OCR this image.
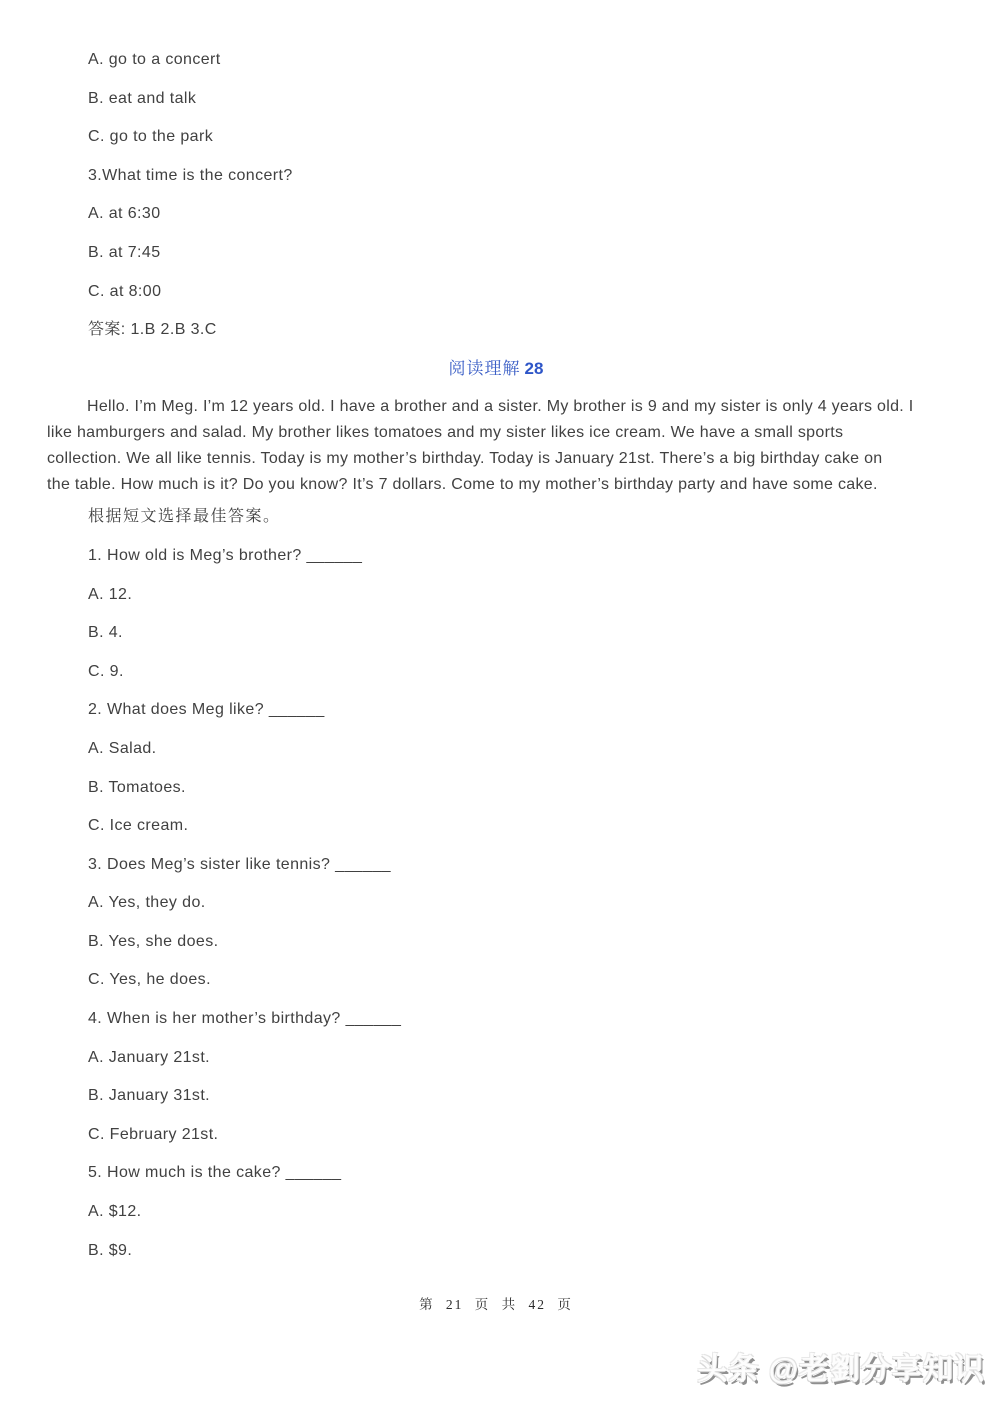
A. go to a concert

B. eat and talk

C. go to the park

3.What time is the concert?

A. at 6:30

B. at 7:45

C. at 8:00

答案: 1.B 2.B 3.C

阅读理解 28

Hello. I’m Meg. I’m 12 years old. I have a brother and a sister. My brother is 9 and my sister is only 4 years old. I

like hamburgers and salad. My brother likes tomatoes and my sister likes ice cream. We have a small sports

collection. We all like tennis. Today is my mother’s birthday. Today is January 21st. There’s a big birthday cake on

the table. How much is it? Do you know? It’s 7 dollars. Come to my mother’s birthday party and have some cake.

根据短文选择最佳答案。

1. How old is Meg’s brother? ______

A. 12.

B. 4.

C. 9.

2. What does Meg like? ______

A. Salad.

B. Tomatoes.

C. Ice cream.

3. Does Meg’s sister like tennis? ______

A. Yes, they do.

B. Yes, she does.

C. Yes, he does.

4. When is her mother’s birthday? ______

A. January 21st.

B. January 31st.

C. February 21st.

5. How much is the cake? ______

A. $12.

B. $9.

第 21 页 共 42 页
头条 @老劉分享知识
